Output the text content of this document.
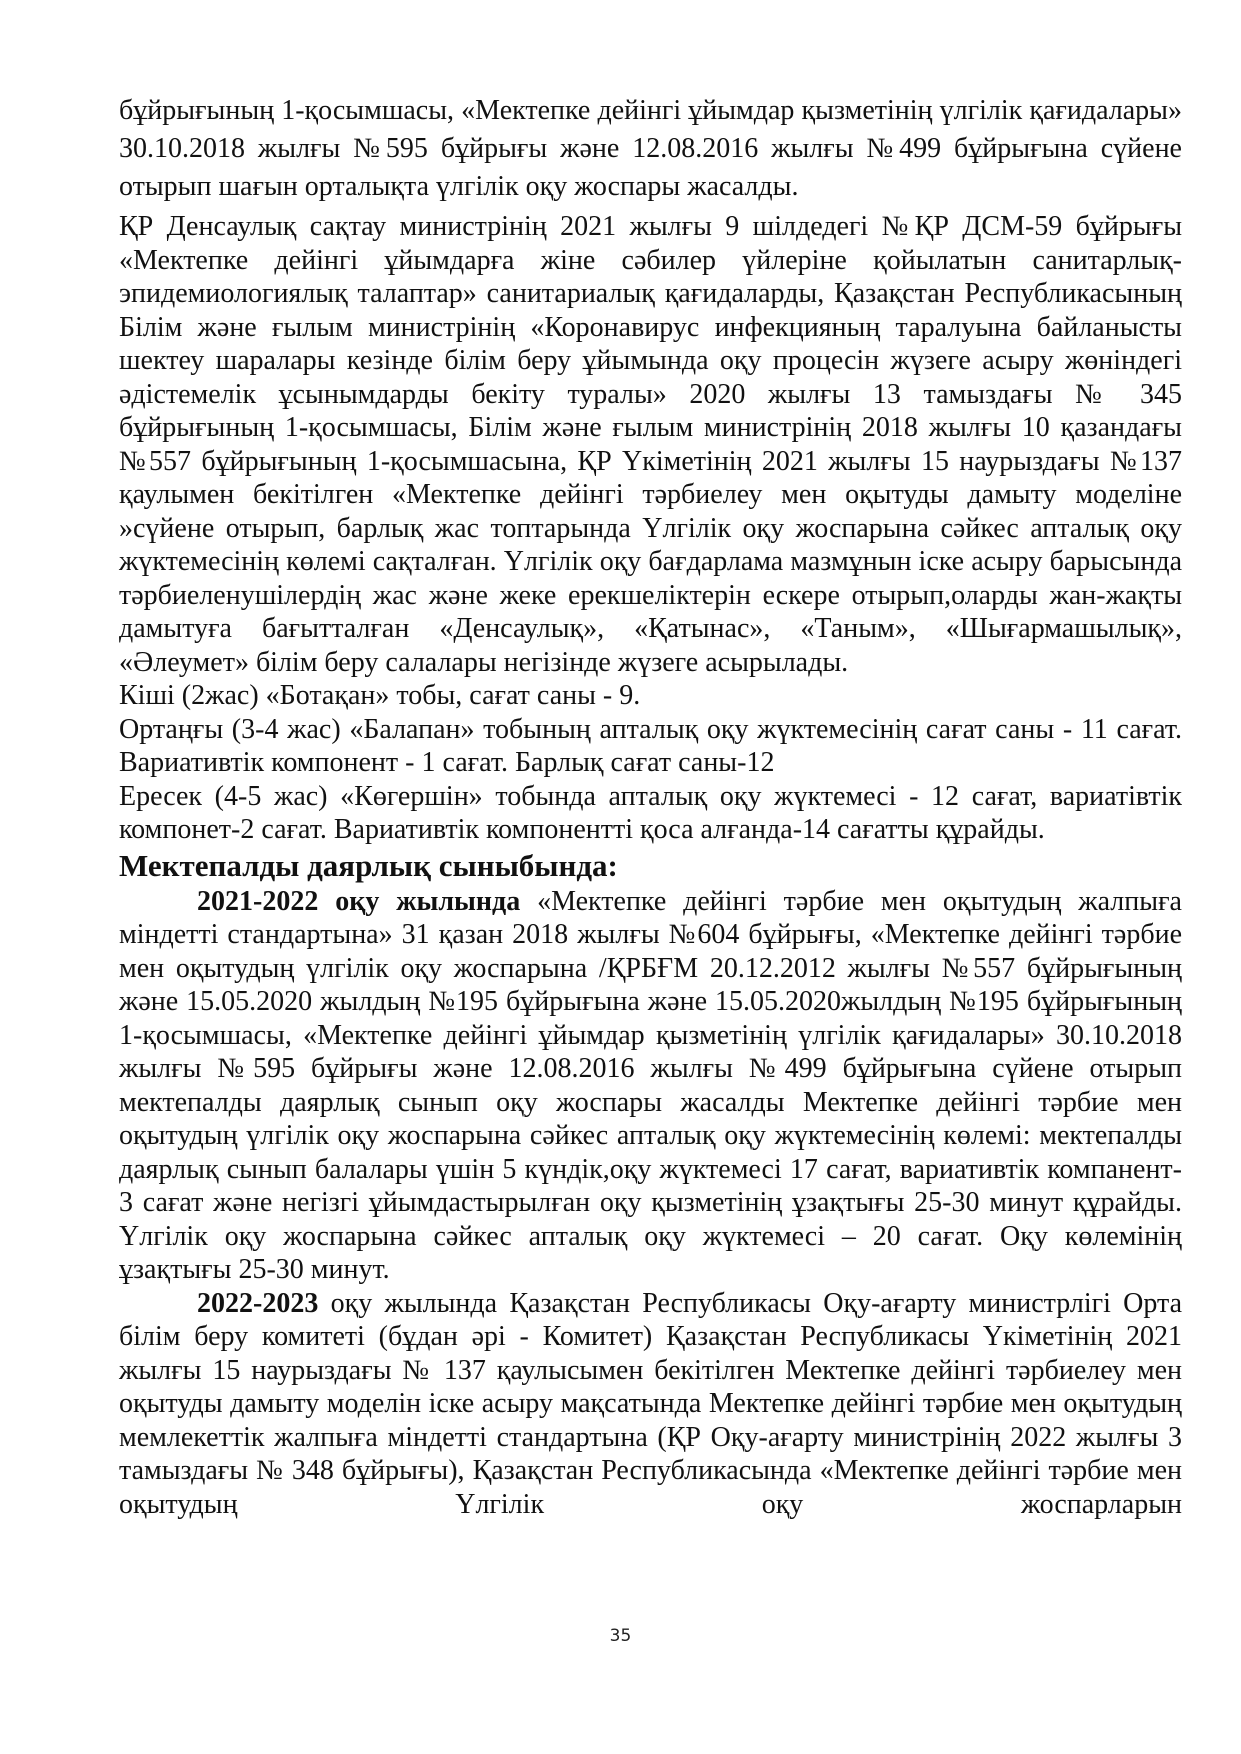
бұйрығының 1-қосымшасы, «Мектепке дейінгі ұйымдар қызметінің үлгілік қағидалары» 30.10.2018 жылғы №595 бұйрығы және 12.08.2016 жылғы №499 бұйрығына сүйене отырып шағын орталықта үлгілік оқу жоспары жасалды.

ҚР Денсаулық сақтау министрінің 2021 жылғы 9 шілдедегі №ҚР ДСМ-59 бұйрығы «Мектепке дейінгі ұйымдарға жіне сәбилер үйлеріне қойылатын санитарлық-эпидемиологиялық талаптар» санитариалық қағидаларды, Қазақстан Республикасының Білім және ғылым министрінің «Коронавирус инфекцияның таралуына байланысты шектеу шаралары кезінде білім беру ұйымында оқу процесін жүзеге асыру жөніндегі әдістемелік ұсынымдарды бекіту туралы» 2020 жылғы 13 тамыздағы № 345 бұйрығының 1-қосымшасы, Білім және ғылым министрінің 2018 жылғы 10 қазандағы №557 бұйрығының 1-қосымшасына, ҚР Үкіметінің 2021 жылғы 15 наурыздағы №137 қаулымен бекітілген «Мектепке дейінгі тәрбиелеу мен оқытуды дамыту моделіне »сүйене отырып, барлық жас топтарында Үлгілік оқу жоспарына сәйкес апталық оқу жүктемесінің көлемі сақталған. Үлгілік оқу бағдарлама мазмұнын іске асыру барысында тәрбиеленушілердің жас және жеке ерекшеліктерін ескере отырып,оларды жан-жақты дамытуға бағытталған «Денсаулық», «Қатынас», «Таным», «Шығармашылық», «Әлеумет» білім беру салалары негізінде жүзеге асырылады.

Кіші (2жас) «Ботақан» тобы, сағат саны - 9.

Ортаңғы (3-4 жас) «Балапан» тобының апталық оқу жүктемесінің сағат саны - 11 сағат. Вариативтік компонент - 1 сағат. Барлық сағат саны-12

Ересек (4-5 жас) «Көгершін» тобында апталық оқу жүктемесі - 12 сағат, вариатівтік компонет-2 сағат. Вариативтік компоненттi қоса алғанда-14 сағатты құрайды.

Мектепалды даярлық сыныбында:

2021-2022 оқу жылында «Мектепке дейінгі тәрбие мен оқытудың жалпыға міндетті стандартына» 31 қазан 2018 жылғы №604 бұйрығы, «Мектепке дейінгі тәрбие мен оқытудың үлгілік оқу жоспарына /ҚРБҒМ 20.12.2012 жылғы №557 бұйрығының және 15.05.2020 жылдың №195 бұйрығына және 15.05.2020жылдың №195 бұйрығының 1-қосымшасы, «Мектепке дейінгі ұйымдар қызметінің үлгілік қағидалары» 30.10.2018 жылғы №595 бұйрығы және 12.08.2016 жылғы №499 бұйрығына сүйене отырып мектепалды даярлық сынып оқу жоспары жасалды Мектепке дейінгі тәрбие мен оқытудың үлгілік оқу жоспарына сәйкес апталық оқу жүктемесінің көлемі: мектепалды даярлық сынып балалары үшін 5 күндік,оқу жүктемесі 17 сағат, вариативтік компанент- 3 сағат және негізгі ұйымдастырылған оқу қызметінің ұзақтығы 25-30 минут құрайды. Үлгілік оқу жоспарына сәйкес апталық оқу жүктемесі – 20 сағат. Оқу көлемінің ұзақтығы 25-30 минут.

2022-2023 оқу жылында Қазақстан Республикасы Оқу-ағарту министрлігі Орта білім беру комитеті (бұдан әрі - Комитет) Қазақстан Республикасы Үкіметінің 2021 жылғы 15 наурыздағы № 137 қаулысымен бекітілген Мектепке дейінгі тәрбиелеу мен оқытуды дамыту моделін іске асыру мақсатында Мектепке дейінгі тәрбие мен оқытудың мемлекеттік жалпыға міндетті стандартына (ҚР Оқу-ағарту министрінің 2022 жылғы 3 тамыздағы № 348 бұйрығы), Қазақстан Республикасында «Мектепке дейінгі тәрбие мен оқытудың Үлгілік оқу жоспарларын

35
